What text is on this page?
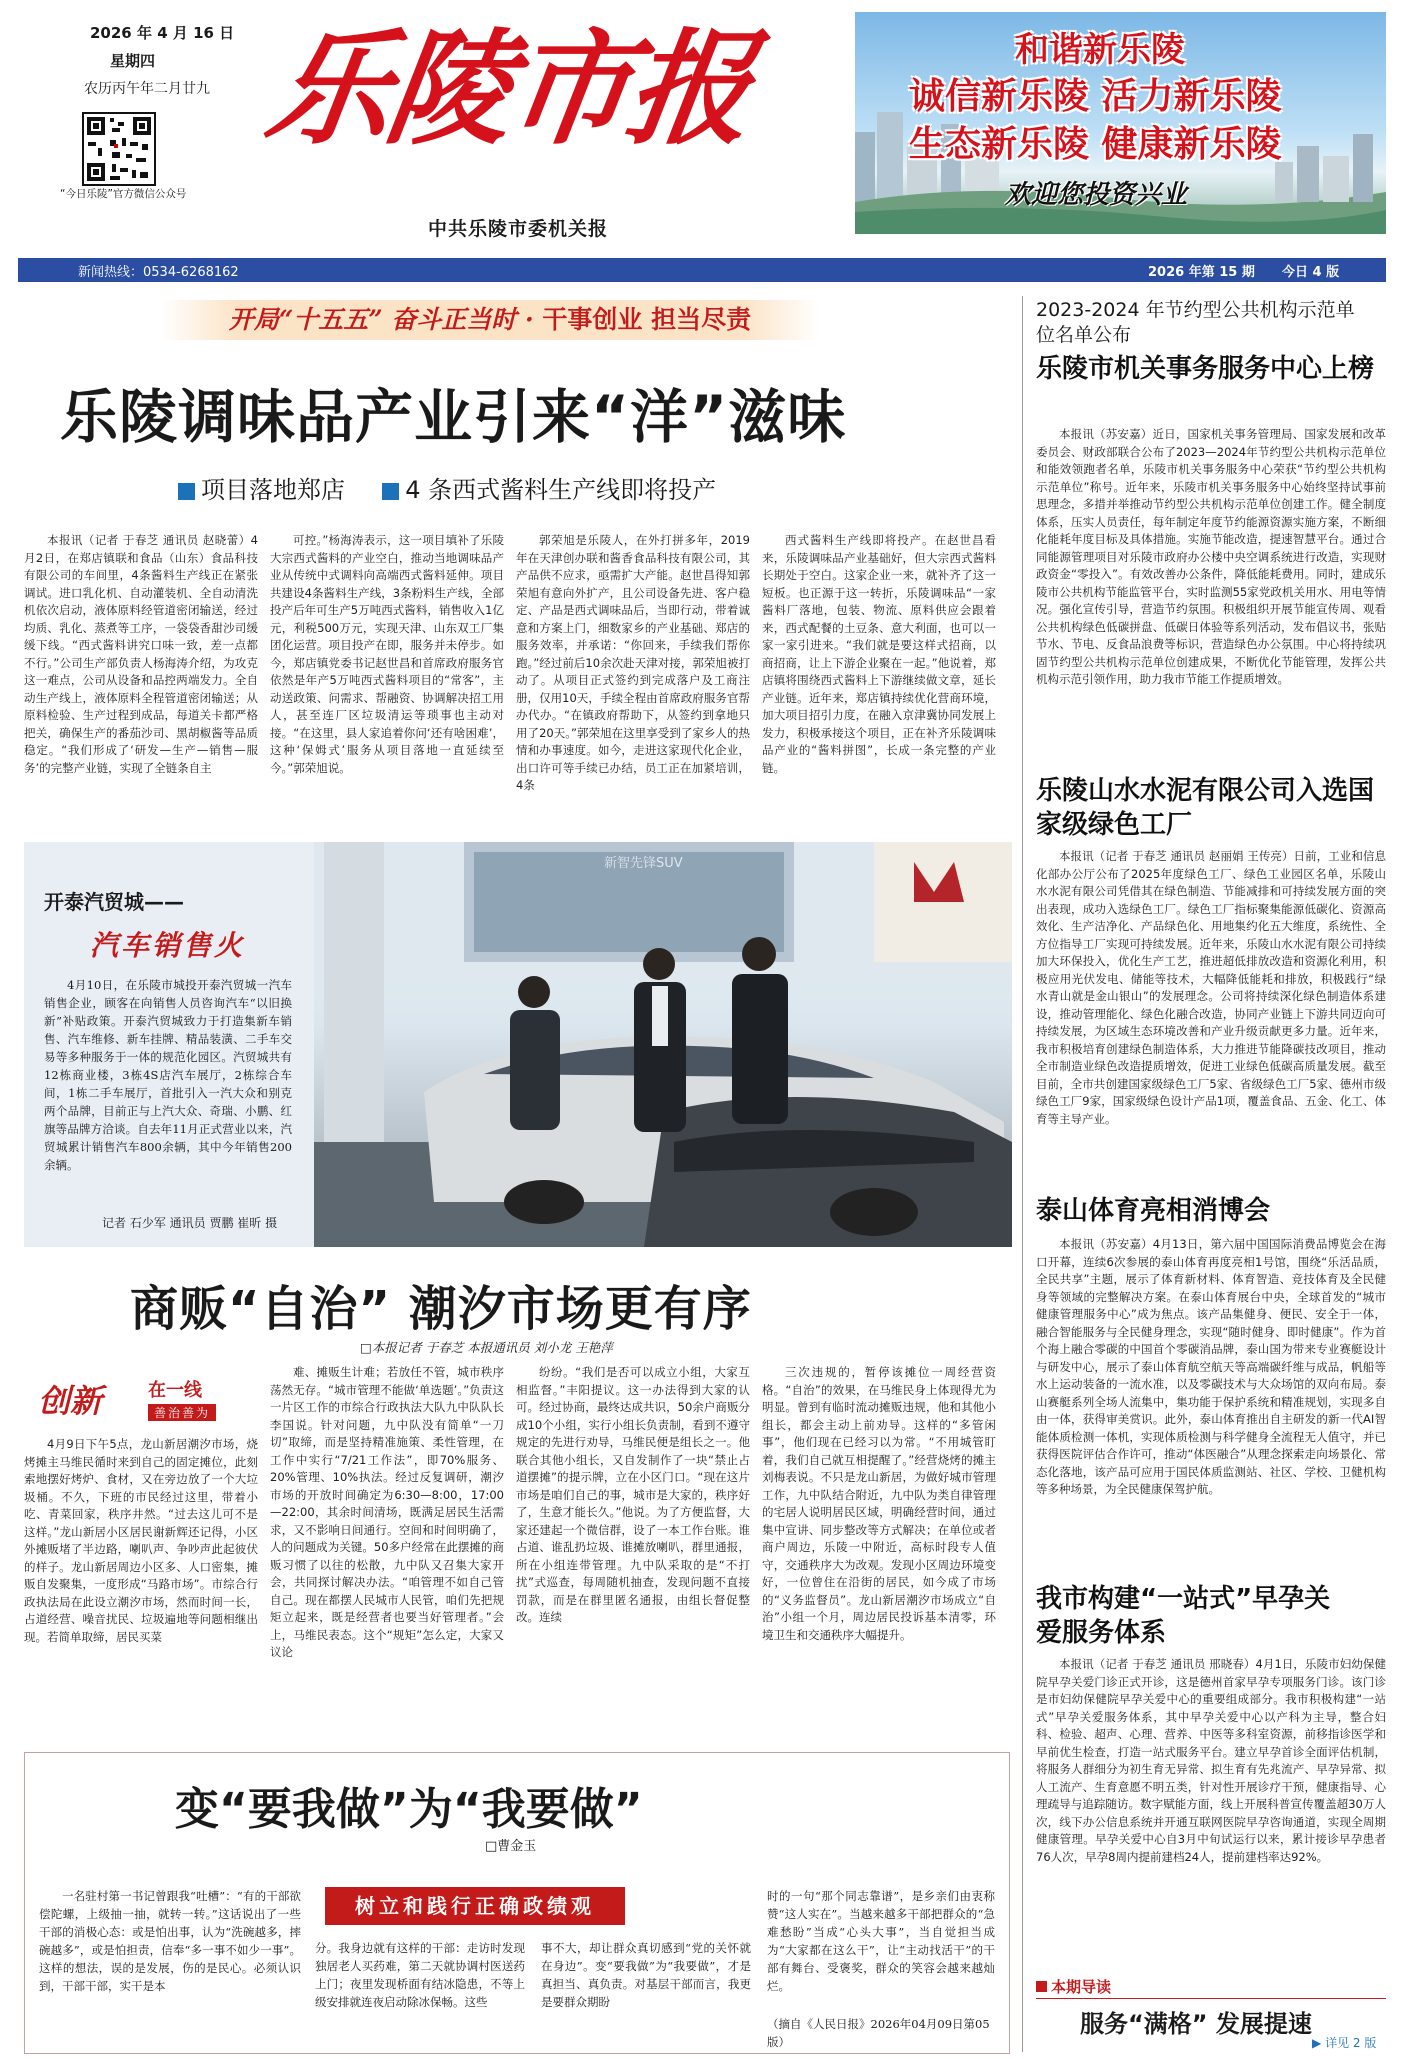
2026 年 4 月 16 日
星期四
农历丙午年二月廿九
“今日乐陵”官方微信公众号
乐陵市报
中共乐陵市委机关报
和谐新乐陵
诚信新乐陵 活力新乐陵
生态新乐陵 健康新乐陵
欢迎您投资兴业
新闻热线：0534-6268162	2026 年第 15 期 今日 4 版
开局“十五五” 奋斗正当时 · 干事创业 担当尽责
乐陵调味品产业引来“洋”滋味
项目落地郑店	4 条西式酱料生产线即将投产

本报讯（记者 于春芝 通讯员 赵晓蕾）4月2日，在郑店镇联和食品（山东）食品科技有限公司的车间里，4条酱料生产线正在紧张调试。进口乳化机、自动灌装机、全自动清洗机依次启动，液体原料经管道密闭输送，经过均质、乳化、蒸煮等工序，一袋袋香甜沙司缓缓下线。“西式酱料讲究口味一致，差一点都不行。”公司生产部负责人杨海涛介绍，为攻克这一难点，公司从设备和品控两端发力。全自动生产线上，液体原料全程管道密闭输送；从原料检验、生产过程到成品，每道关卡都严格把关，确保生产的番茄沙司、黑胡椒酱等品质稳定。“我们形成了‘研发—生产—销售—服务’的完整产业链，实现了全链条自主

可控。”杨海涛表示，这一项目填补了乐陵大宗西式酱料的产业空白，推动当地调味品产业从传统中式调料向高端西式酱料延伸。项目共建设4条酱料生产线，3条粉料生产线，全部投产后年可生产5万吨西式酱料，销售收入1亿元，利税500万元，实现天津、山东双工厂集团化运营。项目投产在即，服务并未停步。如今，郑店镇党委书记赵世昌和首席政府服务官依然是年产5万吨西式酱料项目的“常客”，主动送政策、问需求、帮融资、协调解决招工用人，甚至连厂区垃圾清运等琐事也主动对接。“在这里，县人家追着你问‘还有啥困难’，这种‘保姆式’服务从项目落地一直延续至今。”郭荣旭说。

郭荣旭是乐陵人，在外打拼多年，2019年在天津创办联和酱香食品科技有限公司，其产品供不应求，亟需扩大产能。赵世昌得知郭荣旭有意向外扩产，且公司设备先进、客户稳定、产品是西式调味品后，当即行动，带着诚意和方案上门，细数家乡的产业基础、郑店的服务效率，并承诺：“你回来，手续我们帮你跑。”经过前后10余次赴天津对接，郭荣旭被打动了。从项目正式签约到完成落户及工商注册，仅用10天，手续全程由首席政府服务官帮办代办。“在镇政府帮助下，从签约到拿地只用了20天。”郭荣旭在这里享受到了家乡人的热情和办事速度。如今，走进这家现代化企业，出口许可等手续已办结，员工正在加紧培训，4条

西式酱料生产线即将投产。在赵世昌看来，乐陵调味品产业基础好，但大宗西式酱料长期处于空白。这家企业一来，就补齐了这一短板。也正源于这一转折，乐陵调味品“一家酱料厂落地，包装、物流、原料供应会跟着来，西式配餐的土豆条、意大利面，也可以一家一家引进来。“我们就是要这样式招商，以商招商，让上下游企业聚在一起。”他说着，郑店镇将围绕西式酱料上下游继续做文章，延长产业链。近年来，郑店镇持续优化营商环境，加大项目招引力度，在融入京津冀协同发展上发力，积极承接这个项目，正在补齐乐陵调味品产业的“酱料拼图”，长成一条完整的产业链。

开泰汽贸城——
汽车销售火
4月10日，在乐陵市城投开泰汽贸城一汽车销售企业，顾客在向销售人员咨询汽车“以旧换新”补贴政策。开泰汽贸城致力于打造集新车销售、汽车维修、新车挂牌、精品装潢、二手车交易等多种服务于一体的规范化园区。汽贸城共有12栋商业楼，3栋4S店汽车展厅，2栋综合车间，1栋二手车展厅，首批引入一汽大众和别克两个品牌，目前正与上汽大众、奇瑞、小鹏、红旗等品牌方洽谈。自去年11月正式营业以来，汽贸城累计销售汽车800余辆，其中今年销售200余辆。
记者 石少军 通讯员 贾鹏 崔昕 摄
新智先锋SUV
商贩“自治” 潮汐市场更有序
□本报记者 于春芝 本报通讯员 刘小龙 王艳萍
创新	在一线
善治善为

4月9日下午5点，龙山新居潮汐市场，烧烤摊主马维民循时来到自己的固定摊位，此刻索地摆好烤炉、食材，又在旁边放了一个大垃圾桶。不久，下班的市民经过这里，带着小吃、青菜回家，秩序井然。“过去这儿可不是这样。”龙山新居小区居民谢新辉还记得，小区外摊贩堵了半边路，喇叭声、争吵声此起彼伏的样子。龙山新居周边小区多、人口密集，摊贩自发聚集，一度形成“马路市场”。市综合行政执法局在此设立潮汐市场，然而时间一长，占道经营、噪音扰民、垃圾遍地等问题相继出现。若简单取缔，居民买菜

难、摊贩生计难；若放任不管，城市秩序荡然无存。“城市管理不能做‘单选题’。”负责这一片区工作的市综合行政执法大队九中队队长李国说。针对问题，九中队没有简单“一刀切”取缔，而是坚持精准施策、柔性管理，在工作中实行“7/21工作法”，即70%服务、20%管理、10%执法。经过反复调研，潮汐市场的开放时间确定为6:30—8:00，17:00—22:00，其余时间清场，既满足居民生活需求，又不影响日间通行。空间和时间明确了，人的问题成为关键。50多户经常在此摆摊的商贩习惯了以往的松散，九中队又召集大家开会，共同探讨解决办法。“咱管理不如自己管自己。现在都摆人民城市人民管，咱们先把规矩立起来，既是经营者也要当好管理者。”会上，马维民表态。这个“规矩”怎么定，大家又议论

纷纷。“我们是否可以成立小组，大家互相监督。”丰阳提议。这一办法得到大家的认可。经过协商，最终达成共识，50余户商贩分成10个小组，实行小组长负责制，看到不遵守规定的先进行劝导，马维民便是组长之一。他联合其他小组长，又自发制作了一块“禁止占道摆摊”的提示牌，立在小区门口。“现在这片市场是咱们自己的事，城市是大家的，秩序好了，生意才能长久。”他说。为了方便监督，大家还建起一个微信群，设了一本工作台账。谁占道、谁乱扔垃圾、谁摊放喇叭，群里通报，所在小组连带管理。九中队采取的是“不打扰”式巡查，每周随机抽查，发现问题不直接罚款，而是在群里匿名通报，由组长督促整改。连续

三次违规的，暂停该摊位一周经营资格。“自治”的效果，在马维民身上体现得尤为明显。曾到有临时流动摊贩违规，他和其他小组长，都会主动上前劝导。这样的“多管闲事”，他们现在已经习以为常。“不用城管盯着，我们自己就互相提醒了。”经营烧烤的摊主刘梅表说。不只是龙山新居，为做好城市管理工作，九中队结合附近，九中队为类自律管理的宅居人说明居民区域，明确经营时间，通过集中宣讲、同步整改等方式解决；在单位或者商户周边，乐陵一中附近，高标时段专人值守，交通秩序大为改观。发现小区周边环境变好，一位曾住在沿街的居民，如今成了市场的“义务监督员”。龙山新居潮汐市场成立“自治”小组一个月，周边居民投诉基本清零，环境卫生和交通秩序大幅提升。

变“要我做”为“我要做”
□曹金玉
树立和践行正确政绩观
一名驻村第一书记曾跟我“吐槽”：“有的干部欲偿陀螺，上级抽一抽，就转一转。”这话说出了一些干部的消极心态：或是怕出事，认为“洗碗越多，摔碗越多”，或是怕担责，信奉“多一事不如少一事”。这样的想法，误的是发展，伤的是民心。必须认识到，干部干部，实干是本
分。我身边就有这样的干部：走访时发现独居老人买药难，第二天就协调村医送药上门；夜里发现桥面有结冰隐患，不等上级安排就连夜启动除冰保畅。这些
事不大，却让群众真切感到“党的关怀就在身边”。变“要我做”为“我要做”，才是真担当、真负责。对基层干部而言，我更是要群众期盼
时的一句“那个同志靠谱”，是乡亲们由衷称赞“这人实在”。当越来越多干部把群众的“急难愁盼”当成“心头大事”，当自觉担当成为“大家都在这么干”，让“主动找活干”的干部有舞台、受褒奖，群众的笑容会越来越灿烂。
（摘自《人民日报》2026年04月09日第05版）
2023-2024 年节约型公共机构示范单位名单公布
乐陵市机关事务服务中心上榜

本报讯（苏安嘉）近日，国家机关事务管理局、国家发展和改革委员会、财政部联合公布了2023—2024年节约型公共机构示范单位和能效领跑者名单，乐陵市机关事务服务中心荣获“节约型公共机构示范单位”称号。近年来，乐陵市机关事务服务中心始终坚持试事前思理念，多措并举推动节约型公共机构示范单位创建工作。健全制度体系，压实人员责任，每年制定年度节约能源资源实施方案，不断细化能耗年度目标及具体措施。实施节能改造，提速智慧平台。通过合同能源管理项目对乐陵市政府办公楼中央空调系统进行改造，实现财政资金“零投入”。有效改善办公条件，降低能耗费用。同时，建成乐陵市公共机构节能监管平台，实时监测55家党政机关用水、用电等情况。强化宣传引导，营造节约氛围。积极组织开展节能宣传周、观看公共机构绿色低碳拼盘、低碳日体验等系列活动，发布倡议书，张贴节水、节电、反食品浪费等标识，营造绿色办公氛围。中心将持续巩固节约型公共机构示范单位创建成果，不断优化节能管理，发挥公共机构示范引领作用，助力我市节能工作提质增效。

乐陵山水水泥有限公司入选国家级绿色工厂

本报讯（记者 于春芝 通讯员 赵丽娟 王传亮）日前，工业和信息化部办公厅公布了2025年度绿色工厂、绿色工业园区名单，乐陵山水水泥有限公司凭借其在绿色制造、节能减排和可持续发展方面的突出表现，成功入选绿色工厂。绿色工厂指标聚集能源低碳化、资源高效化、生产洁净化、产品绿色化、用地集约化五大维度，系统性、全方位指导工厂实现可持续发展。近年来，乐陵山水水泥有限公司持续加大环保投入，优化生产工艺，推进超低排放改造和资源化利用，积极应用光伏发电、储能等技术，大幅降低能耗和排放，积极践行“绿水青山就是金山银山”的发展理念。公司将持续深化绿色制造体系建设，推动管理能化、绿色化融合改造，协同产业链上下游共同迈向可持续发展，为区域生态环境改善和产业升级贡献更多力量。近年来，我市积极培育创建绿色制造体系，大力推进节能降碳技改项目，推动全市制造业绿色改造提质增效，促进工业绿色低碳高质量发展。截至目前，全市共创建国家级绿色工厂5家、省级绿色工厂5家、德州市级绿色工厂9家，国家级绿色设计产品1项，覆盖食品、五金、化工、体育等主导产业。

泰山体育亮相消博会

本报讯（苏安嘉）4月13日，第六届中国国际消费品博览会在海口开幕，连续6次参展的泰山体育再度亮相1号馆，围绕“乐活品质，全民共享”主题，展示了体育新材料、体育智造、竞技体育及全民健身等领域的完整解决方案。在泰山体育展台中央，全球首发的“城市健康管理服务中心”成为焦点。该产品集健身、便民、安全于一体，融合智能服务与全民健身理念，实现“随时健身、即时健康”。作为首个海上融合零碳的中国首个零碳消品牌，泰山国为带来专业赛艇设计与研发中心，展示了泰山体育航空航天等高端碳纤维与成品，帆船等水上运动装备的一流水准，以及零碳技术与大众场馆的双向布局。泰山赛艇系列全场人流集中，集功能于保护系统和精准规划，实现多自由一体，获得审美赏识。此外，泰山体育推出自主研发的新一代AI智能体质检测一体机，实现体质检测与科学健身全流程无人值守，并已获得医院评估合作许可，推动“体医融合”从理念探索走向场景化、常态化落地，该产品可应用于国民体质监测站、社区、学校、卫健机构等多种场景，为全民健康保驾护航。

我市构建“一站式”早孕关爱服务体系

本报讯（记者 于春芝 通讯员 邢晓春）4月1日，乐陵市妇幼保健院早孕关爱门诊正式开诊，这是德州首家早孕专项服务门诊。该门诊是市妇幼保健院早孕关爱中心的重要组成部分。我市积极构建“一站式”早孕关爱服务体系，其中早孕关爱中心以产科为主导，整合妇科、检验、超声、心理、营养、中医等多科室资源，前移指诊医学和早前优生检查，打造一站式服务平台。建立早孕首诊全面评估机制，将服务人群细分为初生育无异常、拟生育有先兆流产、早孕异常、拟人工流产、生育意愿不明五类，针对性开展诊疗干预，健康指导、心理疏导与追踪随访。数字赋能方面，线上开展科普宣传覆盖超30万人次，线下办公信息系统并开通互联网医院早孕咨询通道，实现全周期健康管理。早孕关爱中心自3月中旬试运行以来，累计接诊早孕患者76人次，早孕8周内提前建档24人，提前建档率达92%。

本期导读
服务“满格” 发展提速
▶ 详见 2 版
